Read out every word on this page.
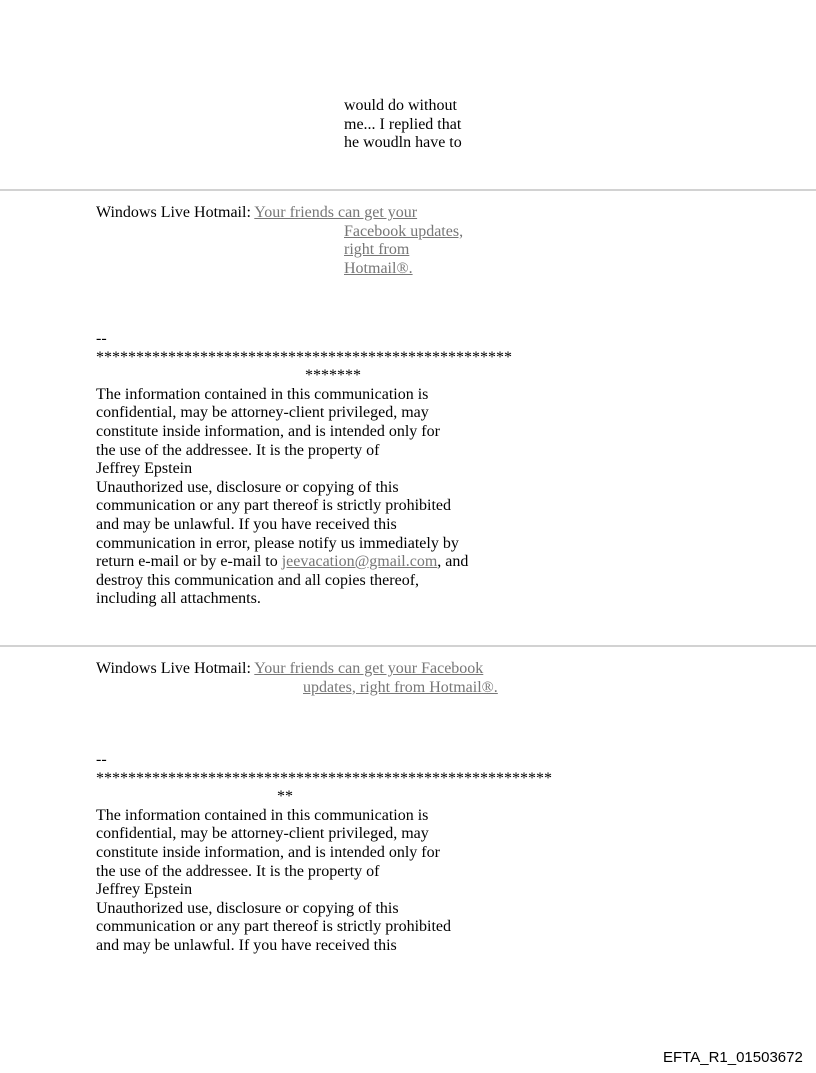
would do without
me... I replied that
he woudln have to
Windows Live Hotmail: Your friends can get your
Facebook updates,
right from
Hotmail®.
--
****************************************************
*******
The information contained in this communication is
confidential, may be attorney-client privileged, may
constitute inside information, and is intended only for
the use of the addressee. It is the property of
Jeffrey Epstein
Unauthorized use, disclosure or copying of this
communication or any part thereof is strictly prohibited
and may be unlawful. If you have received this
communication in error, please notify us immediately by
return e-mail or by e-mail to jeevacation@gmail.com, and
destroy this communication and all copies thereof,
including all attachments.
Windows Live Hotmail: Your friends can get your Facebook
updates, right from Hotmail®.
--
*********************************************************
**
The information contained in this communication is
confidential, may be attorney-client privileged, may
constitute inside information, and is intended only for
the use of the addressee. It is the property of
Jeffrey Epstein
Unauthorized use, disclosure or copying of this
communication or any part thereof is strictly prohibited
and may be unlawful. If you have received this
EFTA_R1_01503672
